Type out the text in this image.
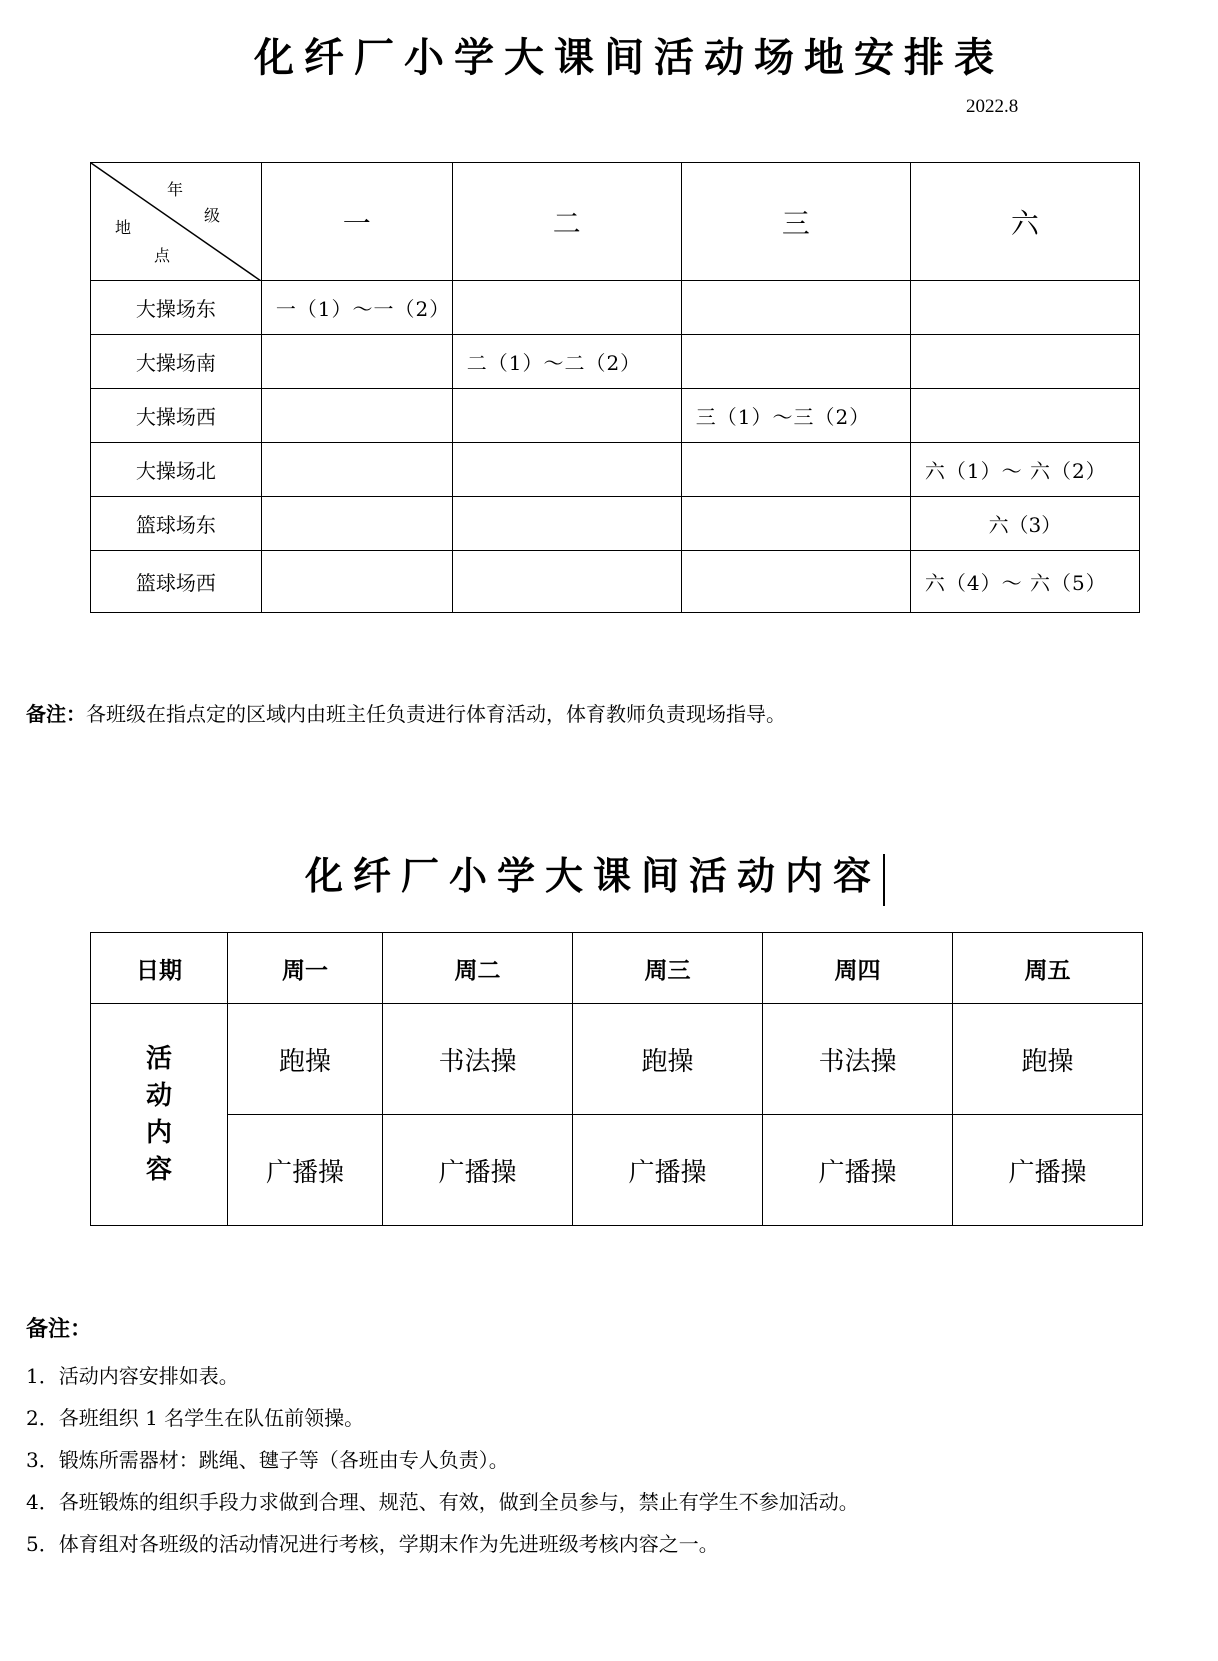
化纤厂小学大课间活动场地安排表
2022.8
年
级
地
点	一	二	三	六
大操场东	一（1）～一（2）			
大操场南		二（1）～二（2）		
大操场西			三（1）～三（2）	
大操场北				六（1）～ 六（2）
篮球场东				六（3）
篮球场西				六（4）～ 六（5）
备注：各班级在指点定的区域内由班主任负责进行体育活动，体育教师负责现场指导。
化纤厂小学大课间活动内容
日期	周一	周二	周三	周四	周五

活
动
内
容	跑操	书法操	跑操	书法操	跑操
	广播操	广播操	广播操	广播操	广播操
备注：
1．活动内容安排如表。
2．各班组织 1 名学生在队伍前领操。
3．锻炼所需器材：跳绳、毽子等（各班由专人负责）。
4．各班锻炼的组织手段力求做到合理、规范、有效，做到全员参与，禁止有学生不参加活动。
5．体育组对各班级的活动情况进行考核，学期末作为先进班级考核内容之一。
